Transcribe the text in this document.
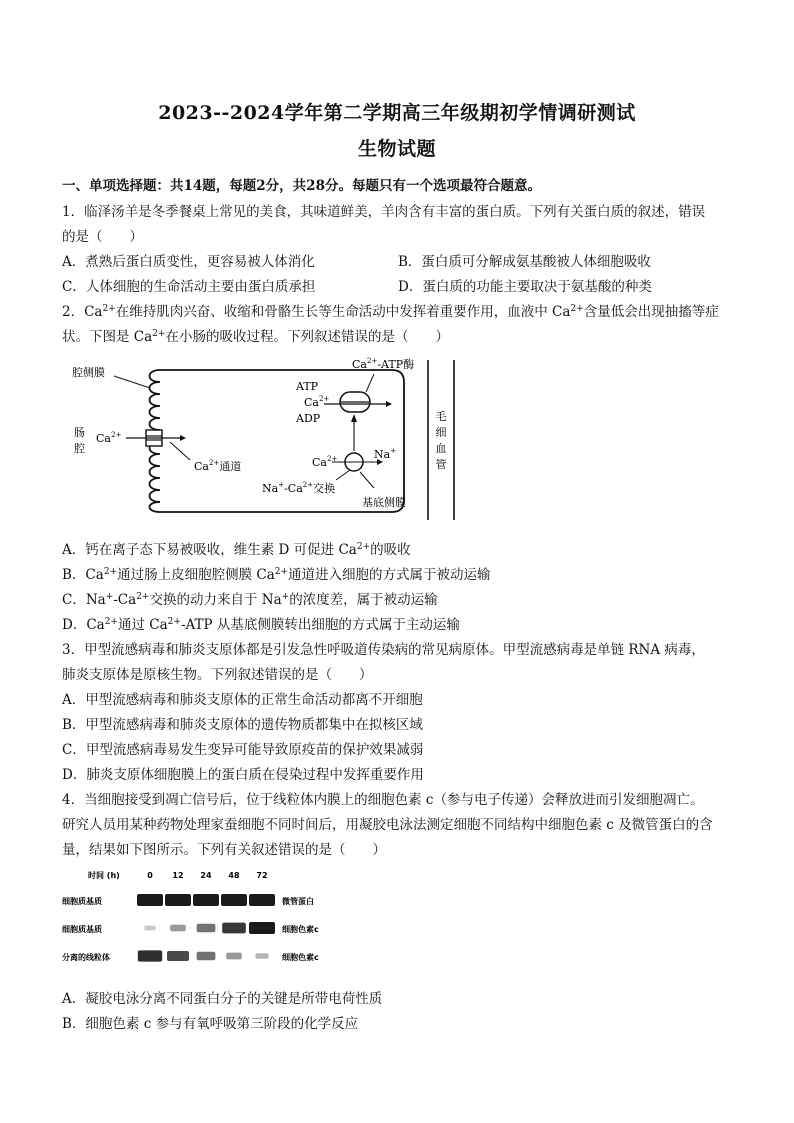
2023--2024学年第二学期高三年级期初学情调研测试
生物试题
一、单项选择题：共14题，每题2分，共28分。每题只有一个选项最符合题意。
1．临泽汤羊是冬季餐桌上常见的美食，其味道鲜美，羊肉含有丰富的蛋白质。下列有关蛋白质的叙述，错误
的是（　　）
A．煮熟后蛋白质变性，更容易被人体消化	B．蛋白质可分解成氨基酸被人体细胞吸收
C．人体细胞的生命活动主要由蛋白质承担	D．蛋白质的功能主要取决于氨基酸的种类
2．$Ca^{2+}$在维持肌肉兴奋、收缩和骨骼生长等生命活动中发挥着重要作用，血液中 $Ca^{2+}$含量低会出现抽搐等症
状。下图是 $Ca^{2+}$在小肠的吸收过程。下列叙述错误的是（　　）
毛
细
血
管
腔侧膜
肠
腔
$Ca^{2+}$
$Ca^{2+}$通道
$Ca^{2+}$-ATP酶
ATP
$Ca^{2+}$
ADP
Na+
$Ca^{2+}$
$Na^+-Ca^{2+}$交换
基底侧膜
A．钙在离子态下易被吸收，维生素 D 可促进 $Ca^{2+}$的吸收
B．$Ca^{2+}$通过肠上皮细胞腔侧膜 $Ca^{2+}$通道进入细胞的方式属于被动运输
C．$Na^+-Ca^{2+}$交换的动力来自于 Na+的浓度差，属于被动运输
D．$Ca^{2+}$通过 $Ca^{2+}$-ATP 从基底侧膜转出细胞的方式属于主动运输
3．甲型流感病毒和肺炎支原体都是引发急性呼吸道传染病的常见病原体。甲型流感病毒是单链 RNA 病毒，
肺炎支原体是原核生物。下列叙述错误的是（　　）
A．甲型流感病毒和肺炎支原体的正常生命活动都离不开细胞
B．甲型流感病毒和肺炎支原体的遗传物质都集中在拟核区域
C．甲型流感病毒易发生变异可能导致原疫苗的保护效果减弱
D．肺炎支原体细胞膜上的蛋白质在侵染过程中发挥重要作用
4．当细胞接受到凋亡信号后，位于线粒体内膜上的细胞色素 c（参与电子传递）会释放进而引发细胞凋亡。
研究人员用某种药物处理家蚕细胞不同时间后，用凝胶电泳法测定细胞不同结构中细胞色素 c 及微管蛋白的含
量，结果如下图所示。下列有关叙述错误的是（　　）
时间 (h)	0 12 24 48 72
细胞质基质
细胞质基质
分离的线粒体
微管蛋白
细胞色素c
细胞色素c
A．凝胶电泳分离不同蛋白分子的关键是所带电荷性质
B．细胞色素 c 参与有氧呼吸第三阶段的化学反应
